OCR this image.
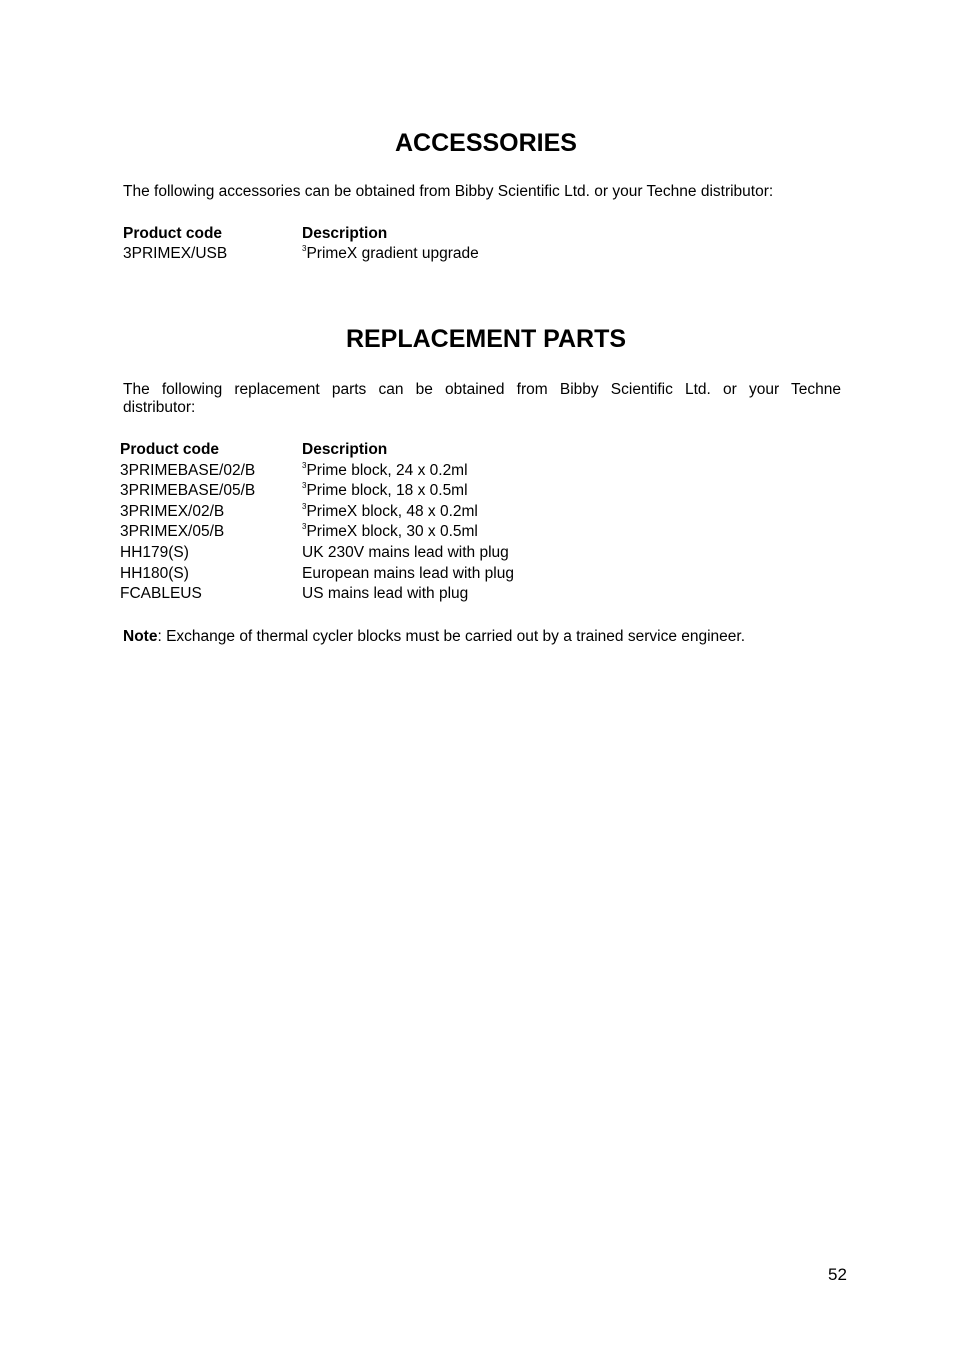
ACCESSORIES

The following accessories can be obtained from Bibby Scientific Ltd. or your Techne distributor:

Product code	Description
3PRIMEX/USB	$^3$PrimeX gradient upgrade
REPLACEMENT PARTS
The following replacement parts can be obtained from Bibby Scientific Ltd. or your Techne
distributor:
Product code	Description
3PRIMEBASE/02/B	$^3$Prime block, 24 x 0.2ml
3PRIMEBASE/05/B	$^3$Prime block, 18 x 0.5ml
3PRIMEX/02/B	$^3$PrimeX block, 48 x 0.2ml
3PRIMEX/05/B	$^3$PrimeX block, 30 x 0.5ml
HH179(S)	UK 230V mains lead with plug
HH180(S)	European mains lead with plug
FCABLEUS	US mains lead with plug

Note: Exchange of thermal cycler blocks must be carried out by a trained service engineer.

52
